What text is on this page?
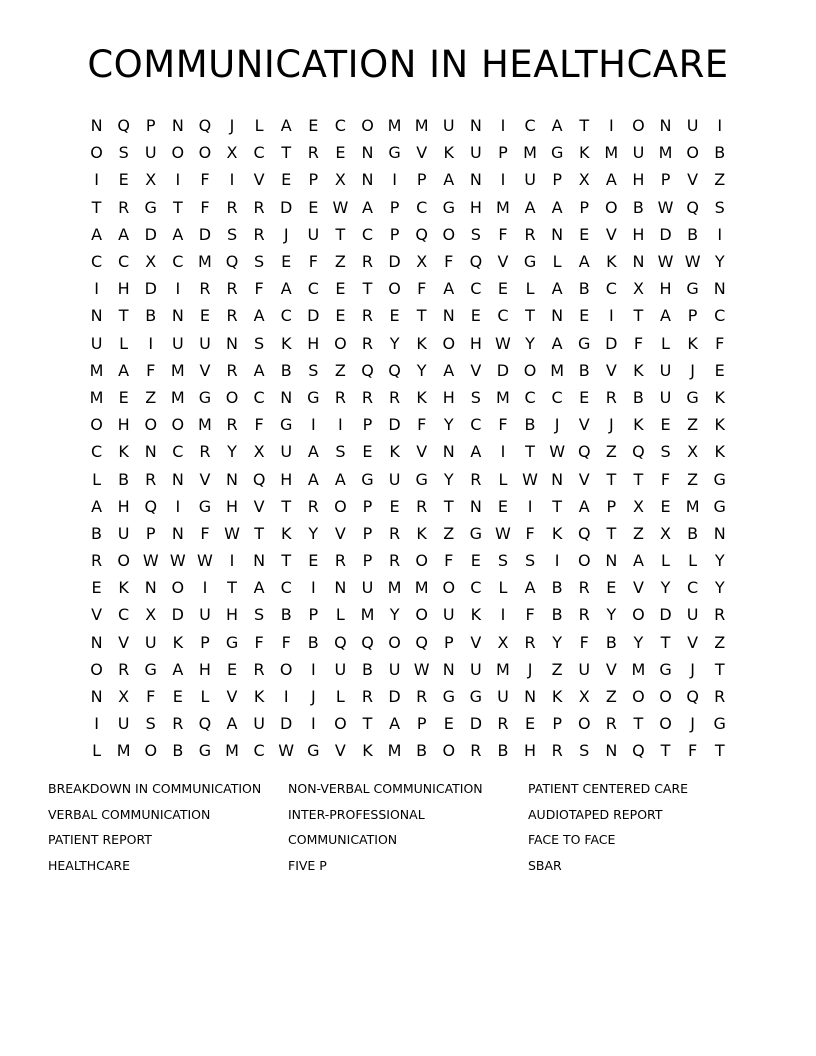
COMMUNICATION IN HEALTHCARE
N Q P	N Q	J	L	A	E	C O M M U N	I	C	A	T	I	O N U	I
O S	U O O X	C	T	R	E	N G V	K U	P M G K M U M O B
I	E	X	I	F	I	V	E	P	X N	I	P	A N	I	U	P	X	A H	P	V	Z
T	R G	T	F	R R D E W A	P	C G H M A	A	P O B W Q S
A	A D A D S	R	J	U	T	C	P Q O S	F	R N	E	V H D B	I
C C	X	C M Q S	E	F	Z	R D X	F	Q V G	L	A	K N W W Y
I	H D	I	R R	F	A	C	E	T O	F	A	C	E	L	A	B	C	X H G N
N	T	B N	E	R	A	C D E	R	E	T	N	E	C	T	N	E	I	T	A	P	C
U	L	I	U U N	S	K H O R	Y	K O H W Y	A G D	F	L	K	F
M A	F M V	R	A	B	S	Z Q Q Y	A	V D O M B	V	K U	J	E
M E	Z M G O C N G R R R	K H	S M C C	E	R	B U G K
O H O O M R	F	G	I	I	P	D	F	Y	C	F	B	J	V	J	K	E	Z	K
C	K N C R	Y	X U A	S	E	K	V N A	I	T W Q Z Q S	X	K
L	B	R N V N Q H A	A G U G	Y	R	L W N V	T	T	F	Z G
A H Q	I	G H V	T	R O P	E	R	T	N	E	I	T	A	P	X	E M G
B U	P	N	F W T	K	Y	V	P	R	K	Z G W F	K Q T	Z	X	B N
R O W W W	I	N	T	E	R	P	R O	F	E	S	S	I	O N A	L	L	Y
E	K N O	I	T	A	C	I	N U M M O C	L	A	B	R	E	V	Y	C	Y
V	C	X D U H	S	B	P	L M Y O U K	I	F	B	R	Y O D U R
N V U K	P	G	F	F	B Q Q O Q P	V	X	R	Y	F	B	Y	T	V	Z
O R G A H	E	R O	I	U B U W N U M	J	Z U V M G	J	T
N X	F	E	L	V	K	I	J	L	R D R G G U N K	X	Z O O Q R
I	U	S	R Q A U D	I	O T	A	P	E D R	E	P O R	T O	J	G
L M O B G M C W G V	K M B O R	B H R	S	N Q T	F	T
BREAKDOWN IN COMMUNICATION
VERBAL COMMUNICATION
PATIENT REPORT
HEALTHCARE
NON-VERBAL COMMUNICATION
INTER-PROFESSIONAL
COMMUNICATION
FIVE P
PATIENT CENTERED CARE
AUDIOTAPED REPORT
FACE TO FACE
SBAR
